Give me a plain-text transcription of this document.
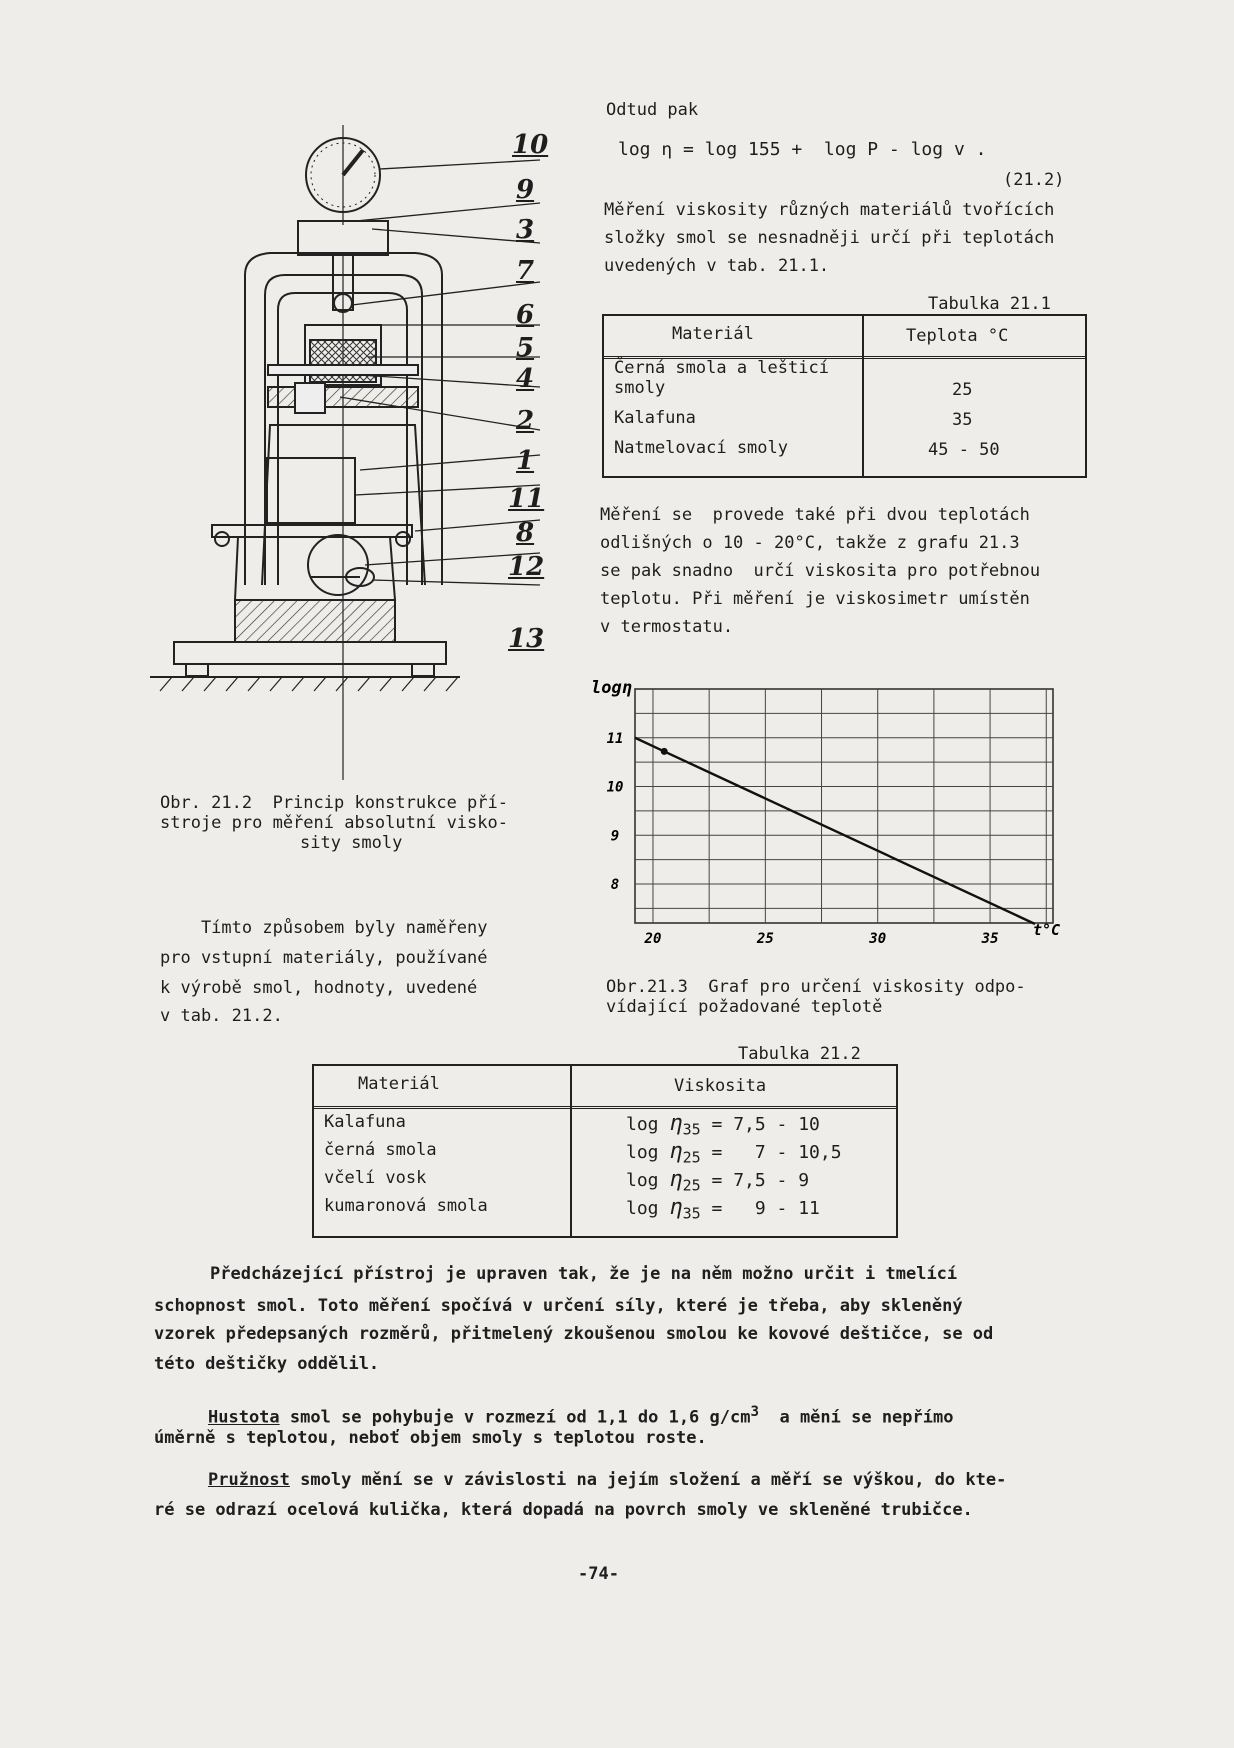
10
9
3
7
6
5
4
2
1
11
8
12
13
Obr. 21.2  Princip konstrukce pří-
stroje pro měření absolutní visko-
sity smoly
Odtud pak
log η = log 155 +  log P - log v .
(21.2)
Měření viskosity různých materiálů tvořících
složky smol se nesnadněji určí při teplotách
uvedených v tab. 21.1.
Tabulka 21.1
Materiál	Teplota °C
Černá smola a lešticí
smoly	25
Kalafuna	35
Natmelovací smoly	45 - 50
Měření se  provede také při dvou teplotách
odlišných o 10 - 20°C, takže z grafu 21.3
se pak snadno  určí viskosita pro potřebnou
teplotu. Při měření je viskosimetr umístěn
v termostatu.
20	25	30	35
11
10
9
8
logη
t°C
Obr.21.3  Graf pro určení viskosity odpo-
vídající požadované teplotě
Tímto způsobem byly naměřeny
pro vstupní materiály, používané
k výrobě smol, hodnoty, uvedené
v tab. 21.2.
Tabulka 21.2
Materiál	Viskosita
Kalafuna	$\log \eta_{35} = 7,5 - 10$
černá smola	$\log \eta_{25} = 7 - 10,5$
včelí vosk	$\log \eta_{25} = 7,5 - 9$
kumaronová smola	$\log \eta_{35} = 9 - 11$
Předcházející přístroj je upraven tak, že je na něm možno určit i tmelící
schopnost smol. Toto měření spočívá v určení síly, které je třeba, aby skleněný
vzorek předepsaných rozměrů, přitmelený zkoušenou smolou ke kovové deštičce, se od
této deštičky oddělil.
Hustota smol se pohybuje v rozmezí od 1,1 do 1,6 $g/cm^3$  a mění se nepřímo
úměrně s teplotou, neboť objem smoly s teplotou roste.
Pružnost smoly mění se v závislosti na jejím složení a měří se výškou, do kte-
ré se odrazí ocelová kulička, která dopadá na povrch smoly ve skleněné trubičce.
-74-
